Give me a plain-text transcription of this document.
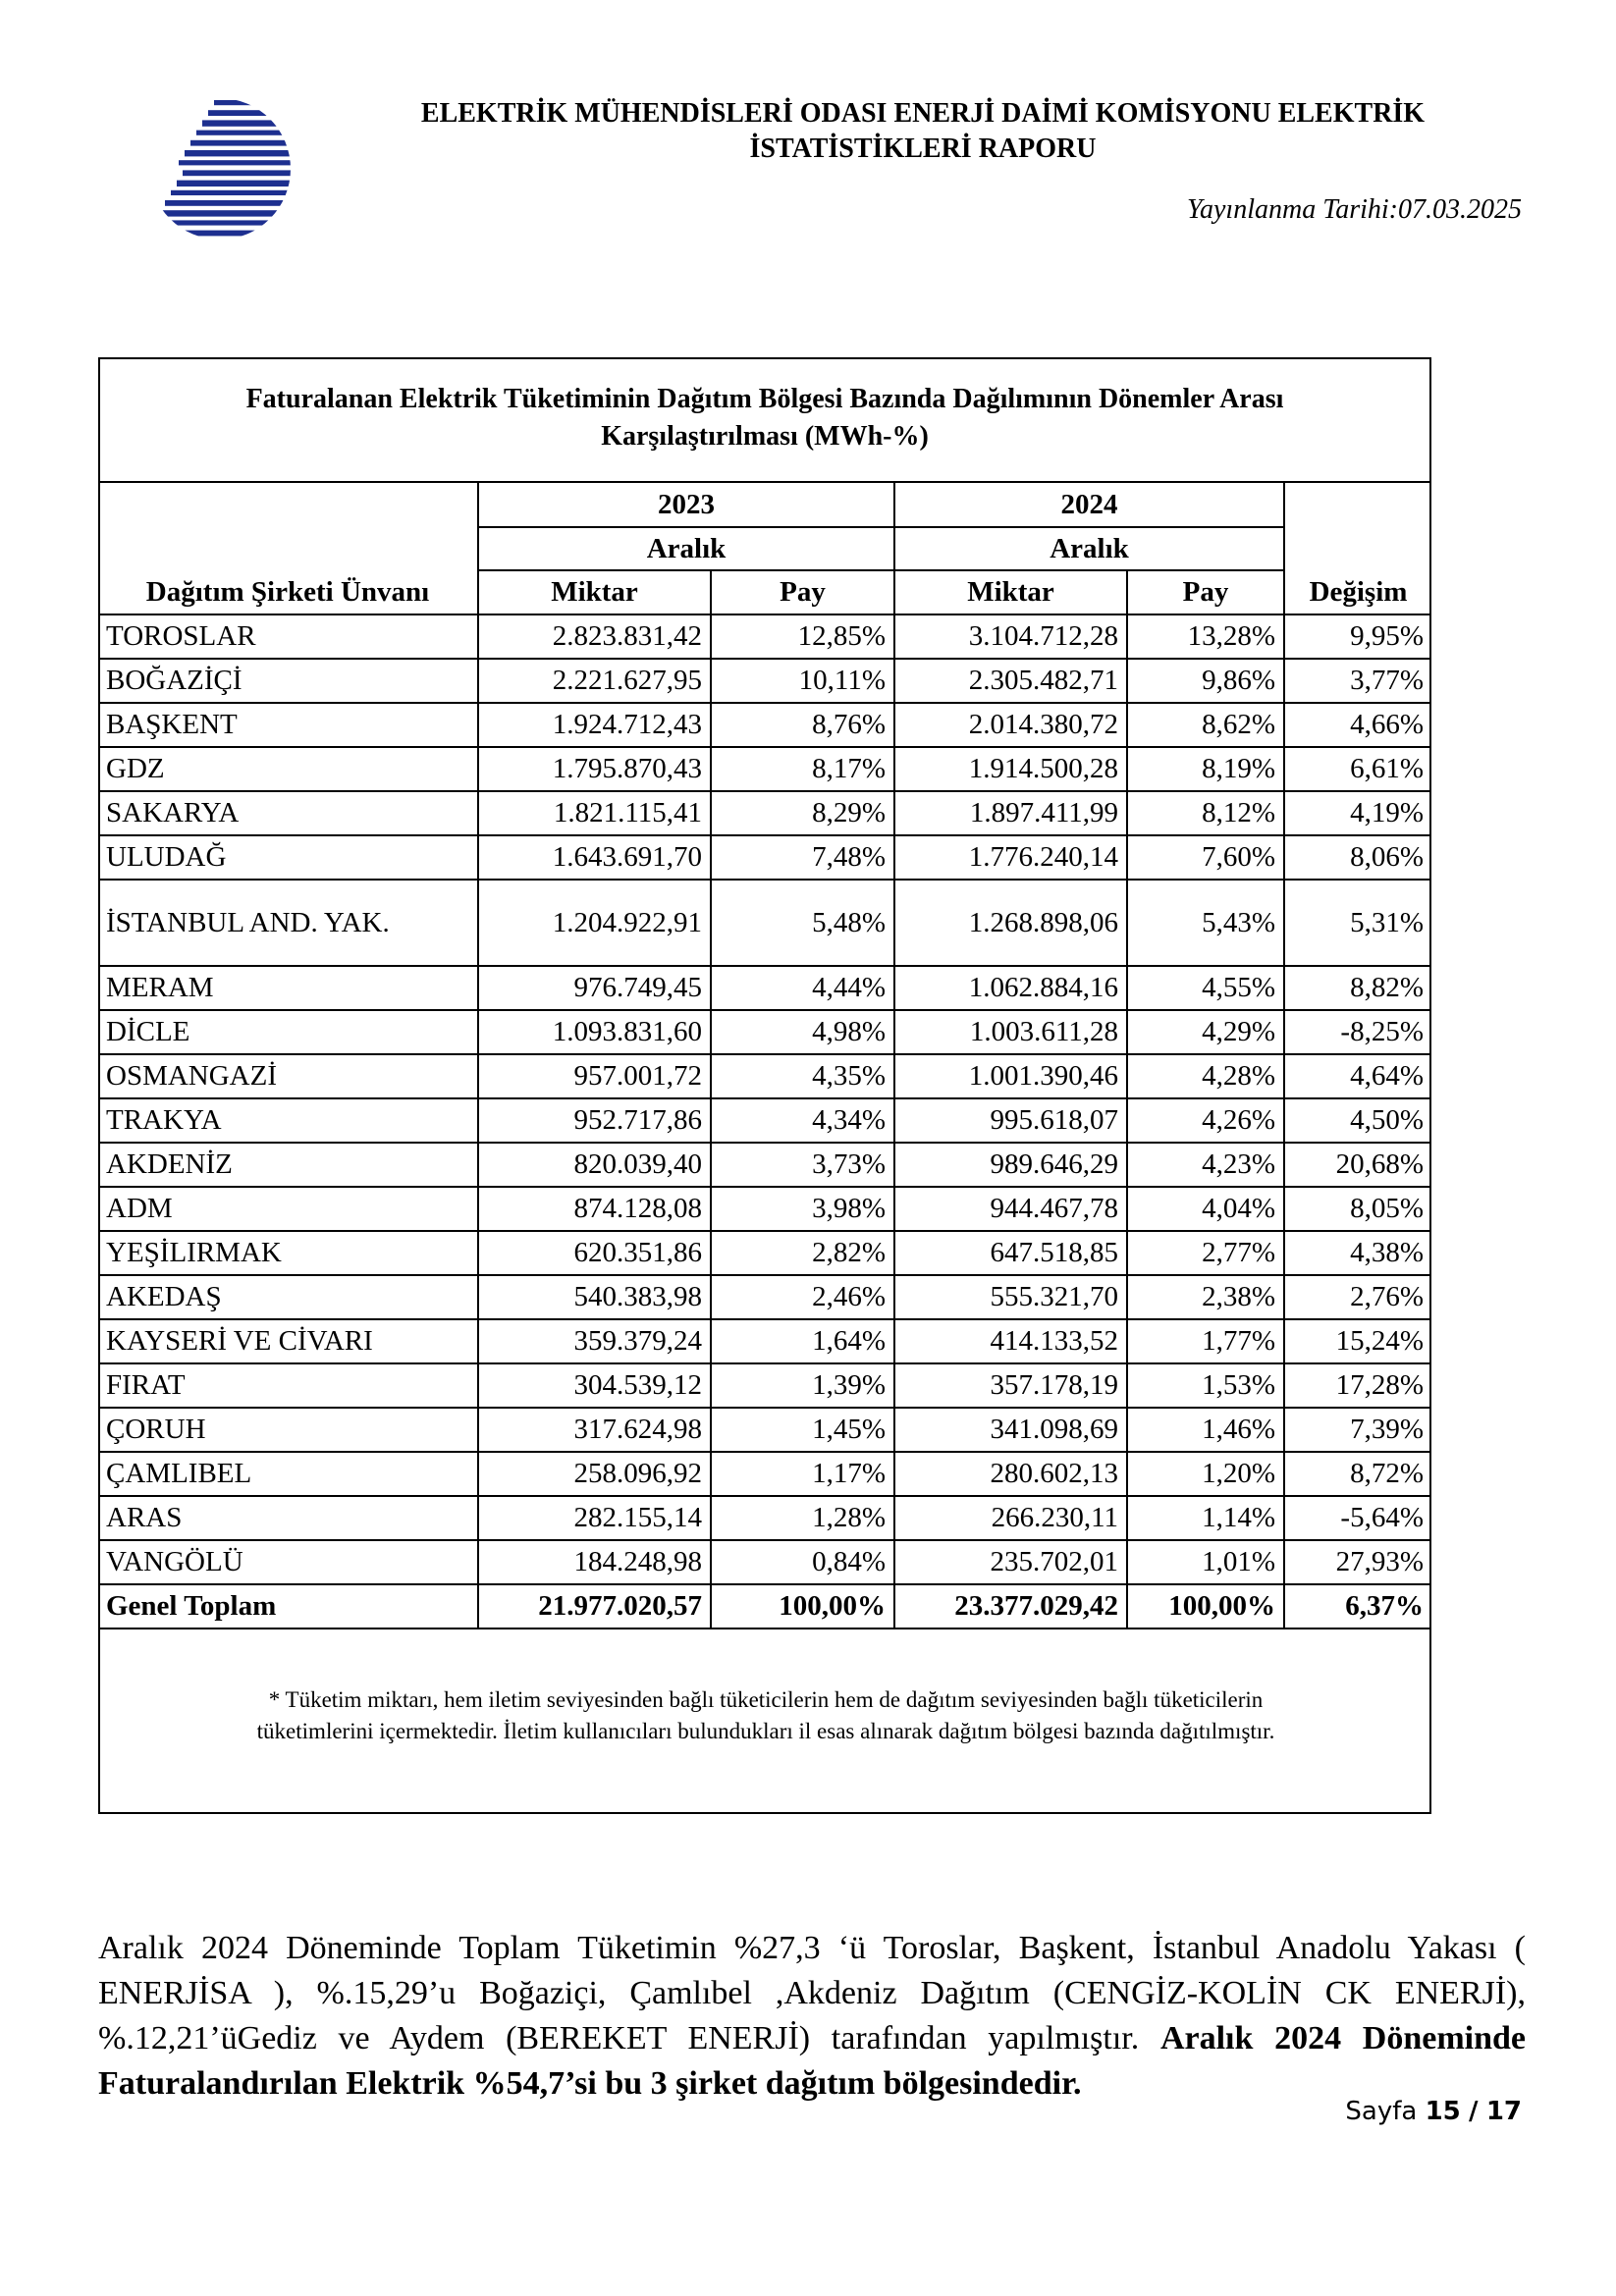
ELEKTRİK MÜHENDİSLERİ ODASI ENERJİ DAİMİ KOMİSYONU ELEKTRİK
İSTATİSTİKLERİ RAPORU
Yayınlanma Tarihi:07.03.2025
Faturalanan Elektrik Tüketiminin Dağıtım Bölgesi Bazında Dağılımının Dönemler Arası
Karşılaştırılması (MWh-%)
	2023		2024		
	Aralık		Aralık		
Dağıtım Şirketi Ünvanı	Miktar	Pay	Miktar	Pay	Değişim
TOROSLAR	2.823.831,42	12,85%	3.104.712,28	13,28%	9,95%
BOĞAZİÇİ	2.221.627,95	10,11%	2.305.482,71	9,86%	3,77%
BAŞKENT	1.924.712,43	8,76%	2.014.380,72	8,62%	4,66%
GDZ	1.795.870,43	8,17%	1.914.500,28	8,19%	6,61%
SAKARYA	1.821.115,41	8,29%	1.897.411,99	8,12%	4,19%
ULUDAĞ	1.643.691,70	7,48%	1.776.240,14	7,60%	8,06%
İSTANBUL AND. YAK.	1.204.922,91	5,48%	1.268.898,06	5,43%	5,31%
MERAM	976.749,45	4,44%	1.062.884,16	4,55%	8,82%
DİCLE	1.093.831,60	4,98%	1.003.611,28	4,29%	-8,25%
OSMANGAZİ	957.001,72	4,35%	1.001.390,46	4,28%	4,64%
TRAKYA	952.717,86	4,34%	995.618,07	4,26%	4,50%
AKDENİZ	820.039,40	3,73%	989.646,29	4,23%	20,68%
ADM	874.128,08	3,98%	944.467,78	4,04%	8,05%
YEŞİLIRMAK	620.351,86	2,82%	647.518,85	2,77%	4,38%
AKEDAŞ	540.383,98	2,46%	555.321,70	2,38%	2,76%
KAYSERİ VE CİVARI	359.379,24	1,64%	414.133,52	1,77%	15,24%
FIRAT	304.539,12	1,39%	357.178,19	1,53%	17,28%
ÇORUH	317.624,98	1,45%	341.098,69	1,46%	7,39%
ÇAMLIBEL	258.096,92	1,17%	280.602,13	1,20%	8,72%
ARAS	282.155,14	1,28%	266.230,11	1,14%	-5,64%
VANGÖLÜ	184.248,98	0,84%	235.702,01	1,01%	27,93%
Genel Toplam	21.977.020,57	100,00%	23.377.029,42	100,00%	6,37%
* Tüketim miktarı, hem iletim seviyesinden bağlı tüketicilerin hem de dağıtım seviyesinden bağlı tüketicilerin
tüketimlerini içermektedir. İletim kullanıcıları bulundukları il esas alınarak dağıtım bölgesi bazında dağıtılmıştır.
Aralık 2024 Döneminde Toplam Tüketimin %27,3 ‘ü Toroslar, Başkent, İstanbul Anadolu Yakası ( ENERJİSA ), %.15,29’u Boğaziçi, Çamlıbel ,Akdeniz Dağıtım (CENGİZ-KOLİN CK ENERJİ), %.12,21’üGediz ve Aydem (BEREKET ENERJİ) tarafından yapılmıştır. Aralık 2024 Döneminde Faturalandırılan Elektrik %54,7’si bu 3 şirket dağıtım bölgesindedir.
Sayfa 15 / 17
